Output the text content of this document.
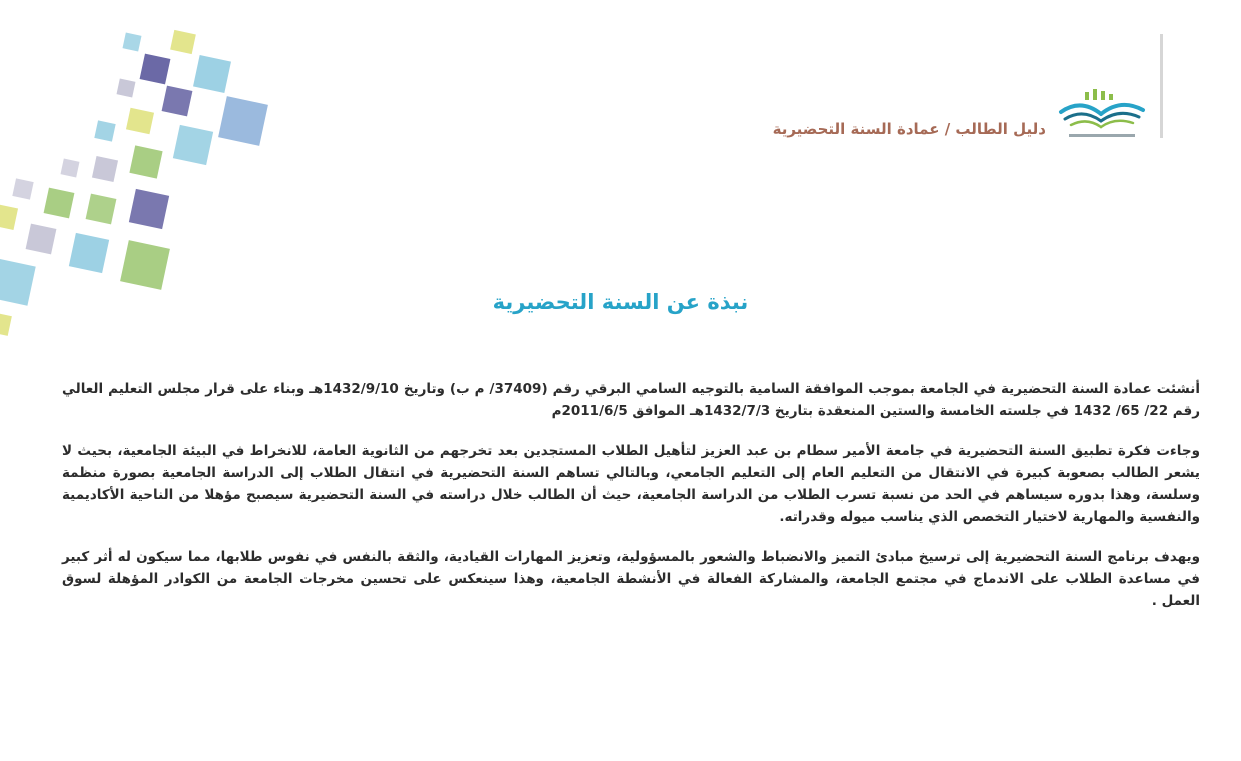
دليل الطالب / عمادة السنة التحضيرية
نبذة عن السنة التحضيرية

أنشئت عمادة السنة التحضيرية في الجامعة بموجب الموافقة السامية بالتوجيه السامي البرقي رقم (37409/ م ب) وتاريخ 1432/9/10هـ وبناء على قرار مجلس التعليم العالي رقم 22/ 65/ 1432 في جلسته الخامسة والستين المنعقدة بتاريخ 1432/7/3هـ الموافق 2011/6/5م

وجاءت فكرة تطبيق السنة التحضيرية في جامعة الأمير سطام بن عبد العزيز لتأهيل الطلاب المستجدين بعد تخرجهم من الثانوية العامة، للانخراط في البيئة الجامعية، بحيث لا يشعر الطالب بصعوبة كبيرة في الانتقال من التعليم العام إلى التعليم الجامعي، وبالتالي تساهم السنة التحضيرية في انتقال الطلاب إلى الدراسة الجامعية بصورة منظمة وسلسة، وهذا بدوره سيساهم في الحد من نسبة تسرب الطلاب من الدراسة الجامعية، حيث أن الطالب خلال دراسته في السنة التحضيرية سيصبح مؤهلا من الناحية الأكاديمية والنفسية والمهارية لاختيار التخصص الذي يناسب ميوله وقدراته.

ويهدف برنامج السنة التحضيرية إلى ترسيخ مبادئ التميز والانضباط والشعور بالمسؤولية، وتعزيز المهارات القيادية، والثقة بالنفس في نفوس طلابها، مما سيكون له أثر كبير في مساعدة الطلاب على الاندماج في مجتمع الجامعة، والمشاركة الفعالة في الأنشطة الجامعية، وهذا سينعكس على تحسين مخرجات الجامعة من الكوادر المؤهلة لسوق العمل .
